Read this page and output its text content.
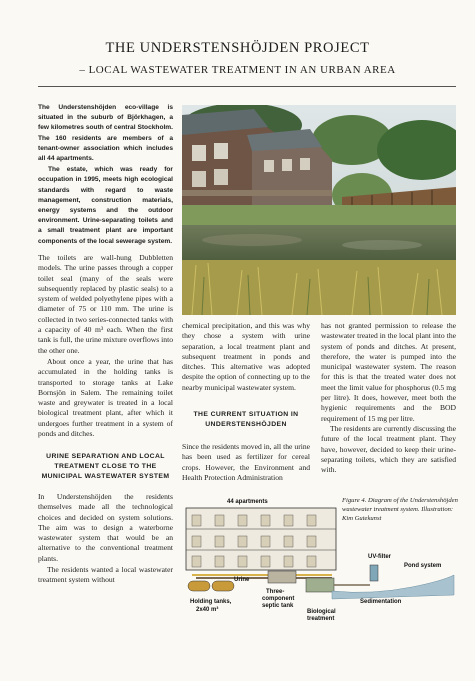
THE UNDERSTENSHÖJDEN PROJECT
– LOCAL WASTEWATER TREATMENT IN AN URBAN AREA

The Understenshöjden eco-village is situated in the suburb of Björkhagen, a few kilometres south of central Stockholm. The 160 residents are members of a tenant-owner association which includes all 44 apartments.

The estate, which was ready for occupation in 1995, meets high ecological standards with regard to waste management, construction materials, energy systems and the outdoor environment. Urine-separating toilets and a small treatment plant are important components of the local sewerage system.

The toilets are wall-hung Dubbletten models. The urine passes through a copper toilet seal (many of the seals were subsequently replaced by plastic seals) to a system of welded polyethylene pipes with a diameter of 75 or 110 mm. The urine is collected in two series-connected tanks with a capacity of 40 m³ each. When the first tank is full, the urine mixture overflows into the other one.

About once a year, the urine that has accumulated in the holding tanks is transported to storage tanks at Lake Bornsjön in Salem. The remaining toilet waste and greywater is treated in a local biological treatment plant, after which it undergoes further treatment in a system of ponds and ditches.

URINE SEPARATION AND LOCAL TREATMENT CLOSE TO THE MUNICIPAL WASTEWATER SYSTEM

In Understenshöjden the residents themselves made all the technological choices and decided on system solutions. The aim was to design a waterborne wastewater system that would be an alternative to the conventional treatment plants.

The residents wanted a local wastewater treatment system without

chemical precipitation, and this was why they chose a system with urine separation, a local treatment plant and subsequent treatment in ponds and ditches. This alternative was adopted despite the option of connecting up to the nearby municipal wastewater system.

THE CURRENT SITUATION IN UNDERSTENSHÖJDEN

Since the residents moved in, all the urine has been used as fertilizer for cereal crops. However, the Environment and Health Protection Administration

has not granted permission to release the wastewater treated in the local plant into the system of ponds and ditches. At present, therefore, the water is pumped into the municipal wastewater system. The reason for this is that the treated water does not meet the limit value for phosphorus (0.5 mg per litre). It does, however, meet both the hygienic requirements and the BOD requirement of 15 mg per litre.

The residents are currently discussing the future of the local treatment plant. They have, however, decided to keep their urine-separating toilets, which they are satisfied with.

Figure 4. Diagram of the Understenshöjden wastewater treatment system. Illustration: Kim Gutekunst
44 apartments
Urine
Holding tanks,
2x40 m³
Three-
component
septic tank
Biological
treatment
UV-filter
Pond system
Sedimentation
